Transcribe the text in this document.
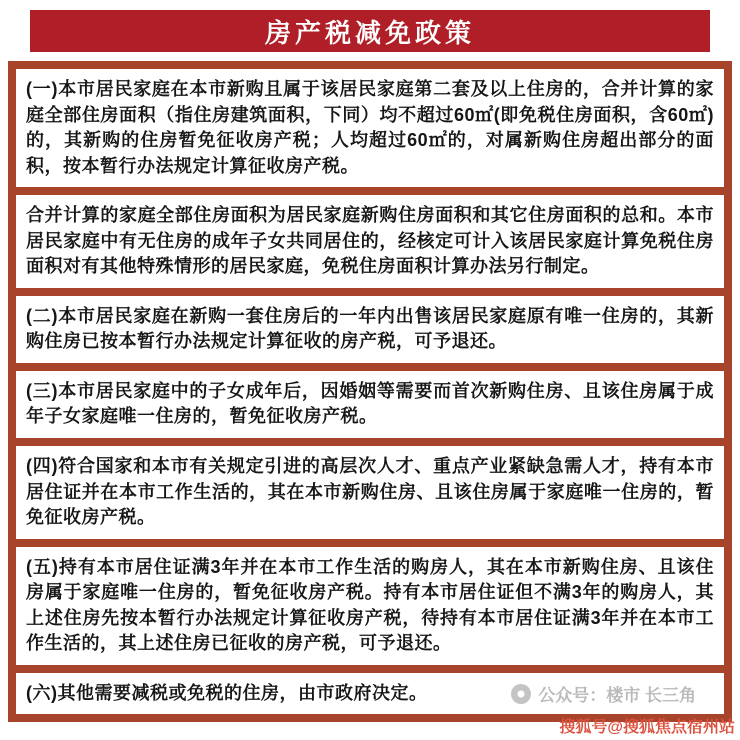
房产税减免政策

(一)本市居民家庭在本市新购且属于该居民家庭第二套及以上住房的，合并计算的家庭全部住房面积（指住房建筑面积，下同）均不超过60㎡(即免税住房面积，含60㎡)的，其新购的住房暂免征收房产税；人均超过60㎡的，对属新购住房超出部分的面积，按本暂行办法规定计算征收房产税。

合并计算的家庭全部住房面积为居民家庭新购住房面积和其它住房面积的总和。本市居民家庭中有无住房的成年子女共同居住的，经核定可计入该居民家庭计算免税住房面积对有其他特殊情形的居民家庭，免税住房面积计算办法另行制定。

(二)本市居民家庭在新购一套住房后的一年内出售该居民家庭原有唯一住房的，其新购住房已按本暂行办法规定计算征收的房产税，可予退还。

(三)本市居民家庭中的子女成年后，因婚姻等需要而首次新购住房、且该住房属于成年子女家庭唯一住房的，暂免征收房产税。

(四)符合国家和本市有关规定引进的高层次人才、重点产业紧缺急需人才，持有本市居住证并在本市工作生活的，其在本市新购住房、且该住房属于家庭唯一住房的，暂免征收房产税。

(五)持有本市居住证满3年并在本市工作生活的购房人，其在本市新购住房、且该住房属于家庭唯一住房的，暂免征收房产税。持有本市居住证但不满3年的购房人，其上述住房先按本暂行办法规定计算征收房产税，待持有本市居住证满3年并在本市工作生活的，其上述住房已征收的房产税，可予退还。

(六)其他需要减税或免税的住房，由市政府决定。	公众号：楼市 长三角
搜狐号@搜狐焦点宿州站
